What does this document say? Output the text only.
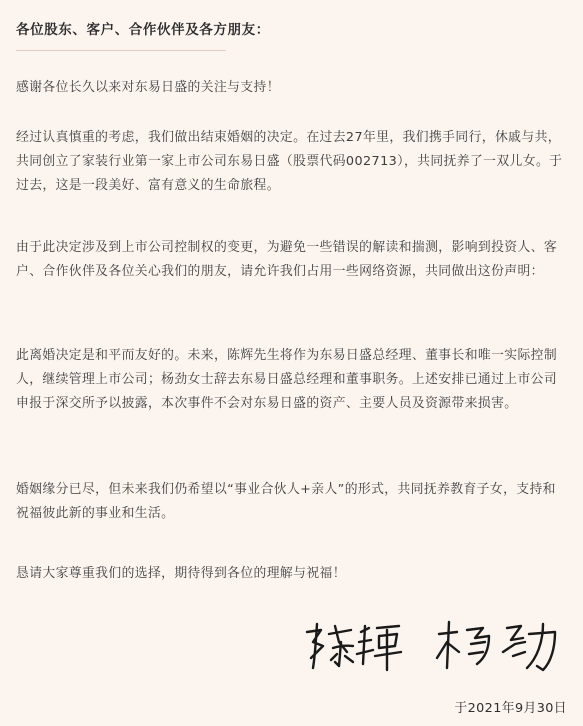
各位股东、客户、合作伙伴及各方朋友：

感谢各位长久以来对东易日盛的关注与支持！

经过认真慎重的考虑，我们做出结束婚姻的决定。在过去27年里，我们携手同行，休戚与共，共同创立了家装行业第一家上市公司东易日盛（股票代码002713），共同抚养了一双儿女。于过去，这是一段美好、富有意义的生命旅程。

由于此决定涉及到上市公司控制权的变更，为避免一些错误的解读和揣测，影响到投资人、客户、合作伙伴及各位关心我们的朋友，请允许我们占用一些网络资源，共同做出这份声明：

此离婚决定是和平而友好的。未来，陈辉先生将作为东易日盛总经理、董事长和唯一实际控制人，继续管理上市公司；杨劲女士辞去东易日盛总经理和董事职务。上述安排已通过上市公司申报于深交所予以披露，本次事件不会对东易日盛的资产、主要人员及资源带来损害。

婚姻缘分已尽，但未来我们仍希望以“事业合伙人+亲人”的形式，共同抚养教育子女，支持和祝福彼此新的事业和生活。

恳请大家尊重我们的选择，期待得到各位的理解与祝福！

于2021年9月30日
